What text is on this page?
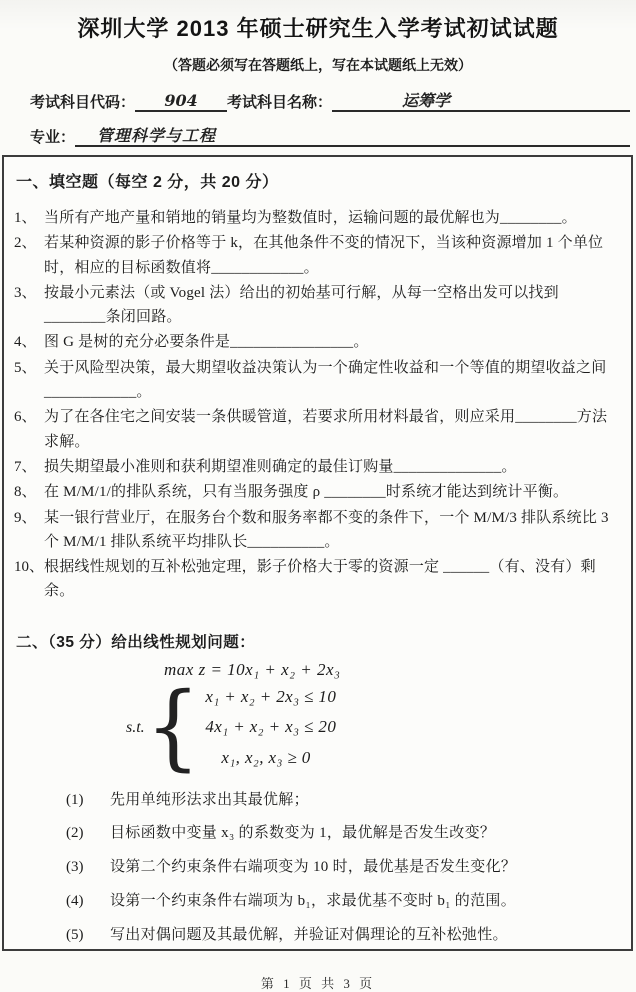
深圳大学 2013 年硕士研究生入学考试初试试题
（答题必须写在答题纸上，写在本试题纸上无效）
考试科目代码：	904	考试科目名称：	运筹学
专业：	管理科学与工程
一、填空题（每空 2 分，共 20 分）
1、 当所有产地产量和销地的销量均为整数值时，运输问题的最优解也为________。
2、 若某种资源的影子价格等于 k，在其他条件不变的情况下，当该种资源增加 1 个单位时，相应的目标函数值将____________。
3、 按最小元素法（或 Vogel 法）给出的初始基可行解，从每一空格出发可以找到________条闭回路。
4、 图 G 是树的充分必要条件是________________。
5、 关于风险型决策，最大期望收益决策认为一个确定性收益和一个等值的期望收益之间____________。
6、 为了在各住宅之间安装一条供暖管道，若要求所用材料最省，则应采用________方法求解。
7、 损失期望最小准则和获利期望准则确定的最佳订购量______________。
8、 在 M/M/1/的排队系统，只有当服务强度 ρ ________时系统才能达到统计平衡。
9、 某一银行营业厅，在服务台个数和服务率都不变的条件下，一个 M/M/3 排队系统比 3 个 M/M/1 排队系统平均排队长__________。
10、 根据线性规划的互补松弛定理，影子价格大于零的资源一定 ______（有、没有）剩余。
二、（35 分）给出线性规划问题：
max z = 10x₁ + x₂ + 2x₃
s.t. { x₁ + x₂ + 2x₃ ≤ 10
4x₁ + x₂ + x₃ ≤ 20
x₁, x₂, x₃ ≥ 0
(1)	先用单纯形法求出其最优解；
(2)	目标函数中变量 x₃ 的系数变为 1，最优解是否发生改变？
(3)	设第二个约束条件右端项变为 10 时，最优基是否发生变化？
(4)	设第一个约束条件右端项为 b₁，求最优基不变时 b₁ 的范围。
(5)	写出对偶问题及其最优解，并验证对偶理论的互补松弛性。
第 1 页 共 3 页
